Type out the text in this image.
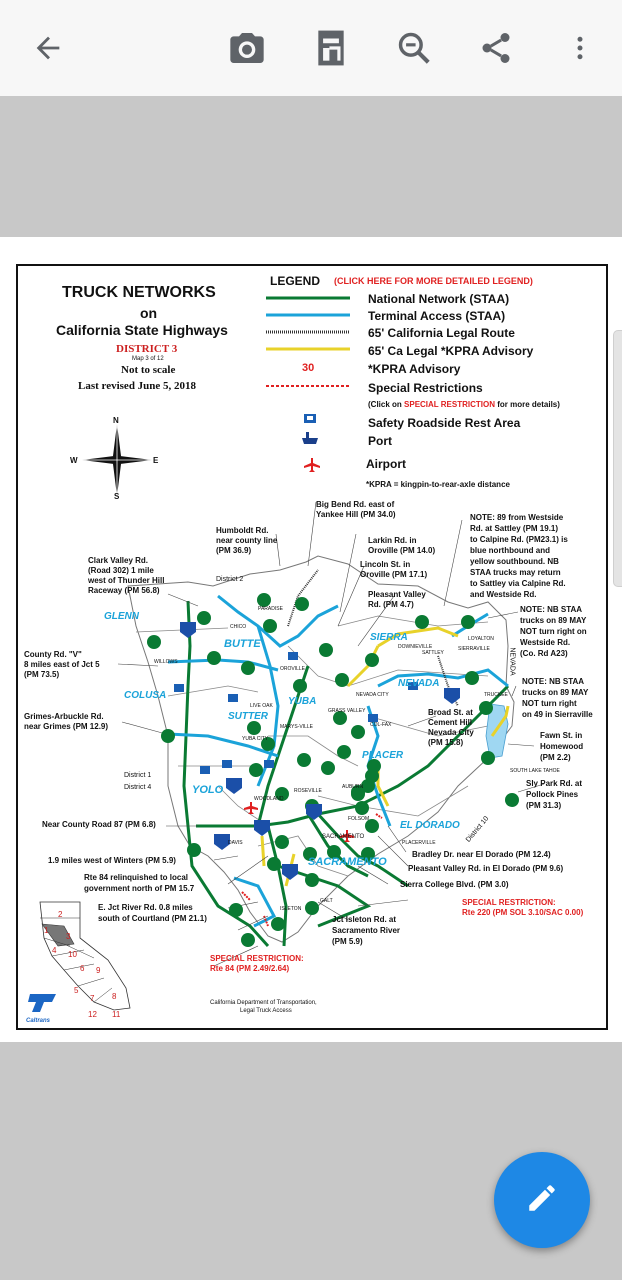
TRUCK NETWORKS
on
California State Highways
DISTRICT 3
Map 3 of 12
Not to scale
Last revised June 5, 2018
LEGEND (CLICK HERE FOR MORE DETAILED LEGEND)
National Network (STAA)
Terminal Access (STAA)
65' California Legal Route
65' Ca Legal *KPRA Advisory
30	*KPRA Advisory
Special Restrictions
(Click on SPECIAL RESTRICTION for more details)
Safety Roadside Rest Area
Port
Airport
*KPRA = kingpin-to-rear-axle distance
N
S
E
W
GLENN
BUTTE
COLUSA
SUTTER
YUBA
YOLO
SIERRA
NEVADA
PLACER
EL DORADO
SACRAMENTO
CHICO
PARADISE
OROVILLE
WILLOWS
LIVE OAK
MARYS-VILLE
YUBA CITY
GRASS VALLEY
NEVADA CITY
DOWNIEVILLE
SATTLEY
LOYALTON
SIERRAVILLE
TRUCKEE
AUBURN
ROSEVILLE
FOLSOM
WOODLAND
DAVIS
SACRAMENTO
PLACERVILLE
GALT
ISLETON
SOUTH LAKE TAHOE
COL-FAX
District 2
District 1
District 4
District 10
NEVADA
Big Bend Rd. east of
Yankee Hill (PM 34.0)
Humboldt Rd.
near county line
(PM 36.9)
Larkin Rd. in
Oroville (PM 14.0)
Lincoln St. in
Oroville (PM 17.1)
Clark Valley Rd.
(Road 302) 1 mile
west of Thunder Hill
Raceway (PM 56.8)	Pleasant Valley
Rd. (PM 4.7)
County Rd. "V"
8 miles east of Jct 5
(PM 73.5)
Grimes-Arbuckle Rd.
near Grimes (PM 12.9)
NOTE: 89 from Westside
Rd. at Sattley (PM 19.1)
to Calpine Rd. (PM23.1) is
blue northbound and
yellow southbound. NB
STAA trucks may return
to Sattley via Calpine Rd.
and Westside Rd.
NOTE: NB STAA
trucks on 89 MAY
NOT turn right on
Westside Rd.
(Co. Rd A23)
NOTE: NB STAA
trucks on 89 MAY
NOT turn right
on 49 in Sierraville
Broad St. at
Cement Hill
Nevada City
(PM 15.8)
Fawn St. in
Homewood
(PM 2.2)
Sly Park Rd. at
Pollock Pines
(PM 31.3)
Near County Road 87 (PM 6.8)
1.9 miles west of Winters (PM 5.9)
Rte 84 relinquished to local
government north of PM 15.7
E. Jct River Rd. 0.8 miles
south of Courtland (PM 21.1)
Bradley Dr. near El Dorado (PM 12.4)
Pleasant Valley Rd. in El Dorado (PM 9.6)
Sierra College Blvd. (PM 3.0)
Jct Isleton Rd. at
Sacramento River
(PM 5.9)
SPECIAL RESTRICTION:
Rte 220 (PM SOL 3.10/SAC 0.00)
SPECIAL RESTRICTION:
Rte 84 (PM 2.49/2.64)
2
1
3
4 10
6 9
5
7 8
12 11
Caltrans
California Department of Transportation,
Legal Truck Access
